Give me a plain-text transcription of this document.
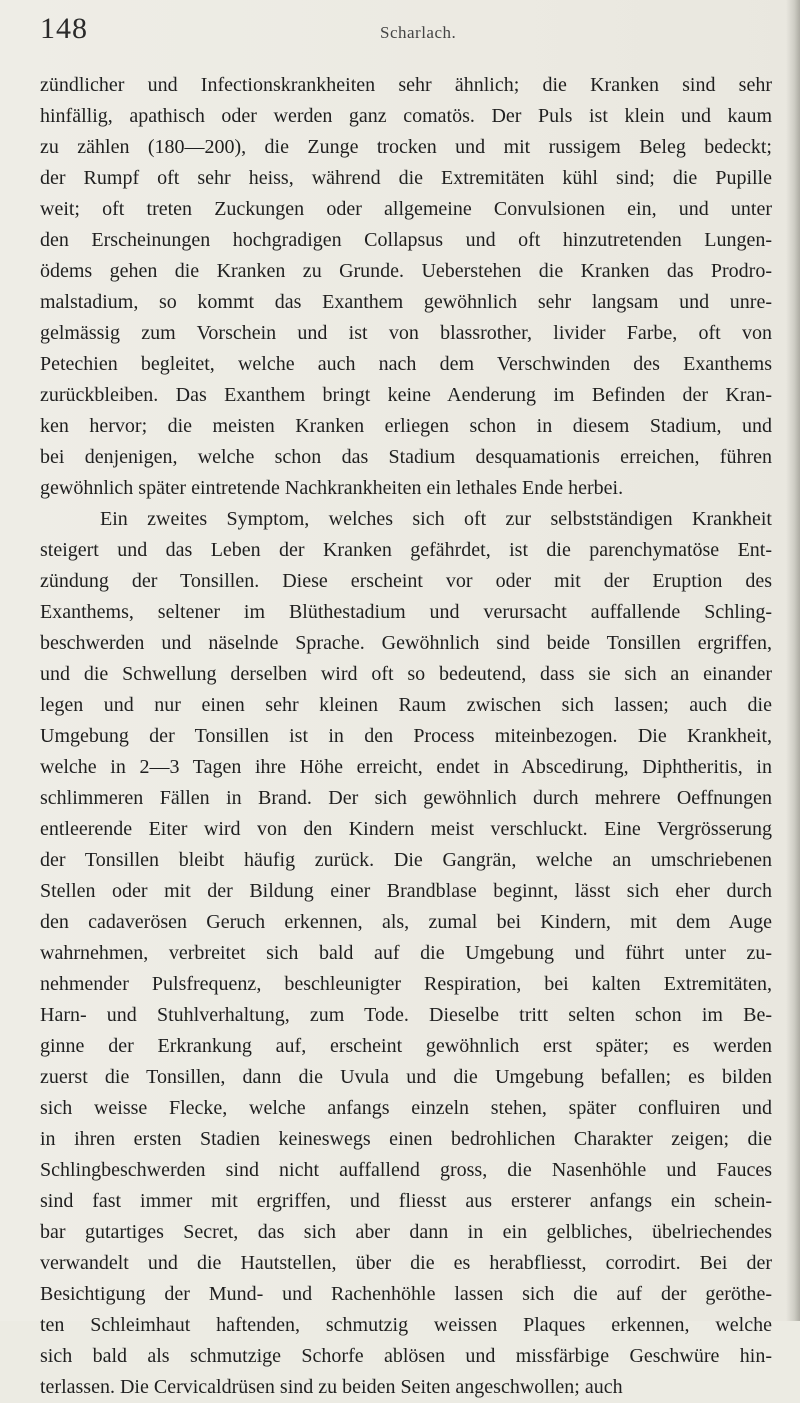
148	Scharlach.
zündlicher und Infectionskrankheiten sehr ähnlich; die Kranken sind sehr
hinfällig, apathisch oder werden ganz comatös. Der Puls ist klein und kaum
zu zählen (180—200), die Zunge trocken und mit russigem Beleg bedeckt;
der Rumpf oft sehr heiss, während die Extremitäten kühl sind; die Pupille
weit; oft treten Zuckungen oder allgemeine Convulsionen ein, und unter
den Erscheinungen hochgradigen Collapsus und oft hinzutretenden Lungen-
ödems gehen die Kranken zu Grunde. Ueberstehen die Kranken das Prodro-
malstadium, so kommt das Exanthem gewöhnlich sehr langsam und unre-
gelmässig zum Vorschein und ist von blassrother, livider Farbe, oft von
Petechien begleitet, welche auch nach dem Verschwinden des Exanthems
zurückbleiben. Das Exanthem bringt keine Aenderung im Befinden der Kran-
ken hervor; die meisten Kranken erliegen schon in diesem Stadium, und
bei denjenigen, welche schon das Stadium desquamationis erreichen, führen
gewöhnlich später eintretende Nachkrankheiten ein lethales Ende herbei.
Ein zweites Symptom, welches sich oft zur selbstständigen Krankheit
steigert und das Leben der Kranken gefährdet, ist die parenchymatöse Ent-
zündung der Tonsillen. Diese erscheint vor oder mit der Eruption des
Exanthems, seltener im Blüthestadium und verursacht auffallende Schling-
beschwerden und näselnde Sprache. Gewöhnlich sind beide Tonsillen ergriffen,
und die Schwellung derselben wird oft so bedeutend, dass sie sich an einander
legen und nur einen sehr kleinen Raum zwischen sich lassen; auch die
Umgebung der Tonsillen ist in den Process miteinbezogen. Die Krankheit,
welche in 2—3 Tagen ihre Höhe erreicht, endet in Abscedirung, Diphtheritis, in
schlimmeren Fällen in Brand. Der sich gewöhnlich durch mehrere Oeffnungen
entleerende Eiter wird von den Kindern meist verschluckt. Eine Vergrösserung
der Tonsillen bleibt häufig zurück. Die Gangrän, welche an umschriebenen
Stellen oder mit der Bildung einer Brandblase beginnt, lässt sich eher durch
den cadaverösen Geruch erkennen, als, zumal bei Kindern, mit dem Auge
wahrnehmen, verbreitet sich bald auf die Umgebung und führt unter zu-
nehmender Pulsfrequenz, beschleunigter Respiration, bei kalten Extremitäten,
Harn- und Stuhlverhaltung, zum Tode. Dieselbe tritt selten schon im Be-
ginne der Erkrankung auf, erscheint gewöhnlich erst später; es werden
zuerst die Tonsillen, dann die Uvula und die Umgebung befallen; es bilden
sich weisse Flecke, welche anfangs einzeln stehen, später confluiren und
in ihren ersten Stadien keineswegs einen bedrohlichen Charakter zeigen; die
Schlingbeschwerden sind nicht auffallend gross, die Nasenhöhle und Fauces
sind fast immer mit ergriffen, und fliesst aus ersterer anfangs ein schein-
bar gutartiges Secret, das sich aber dann in ein gelbliches, übelriechendes
verwandelt und die Hautstellen, über die es herabfliesst, corrodirt. Bei der
Besichtigung der Mund- und Rachenhöhle lassen sich die auf der geröthe-
ten Schleimhaut haftenden, schmutzig weissen Plaques erkennen, welche
sich bald als schmutzige Schorfe ablösen und missfärbige Geschwüre hin-
terlassen. Die Cervicaldrüsen sind zu beiden Seiten angeschwollen; auch
